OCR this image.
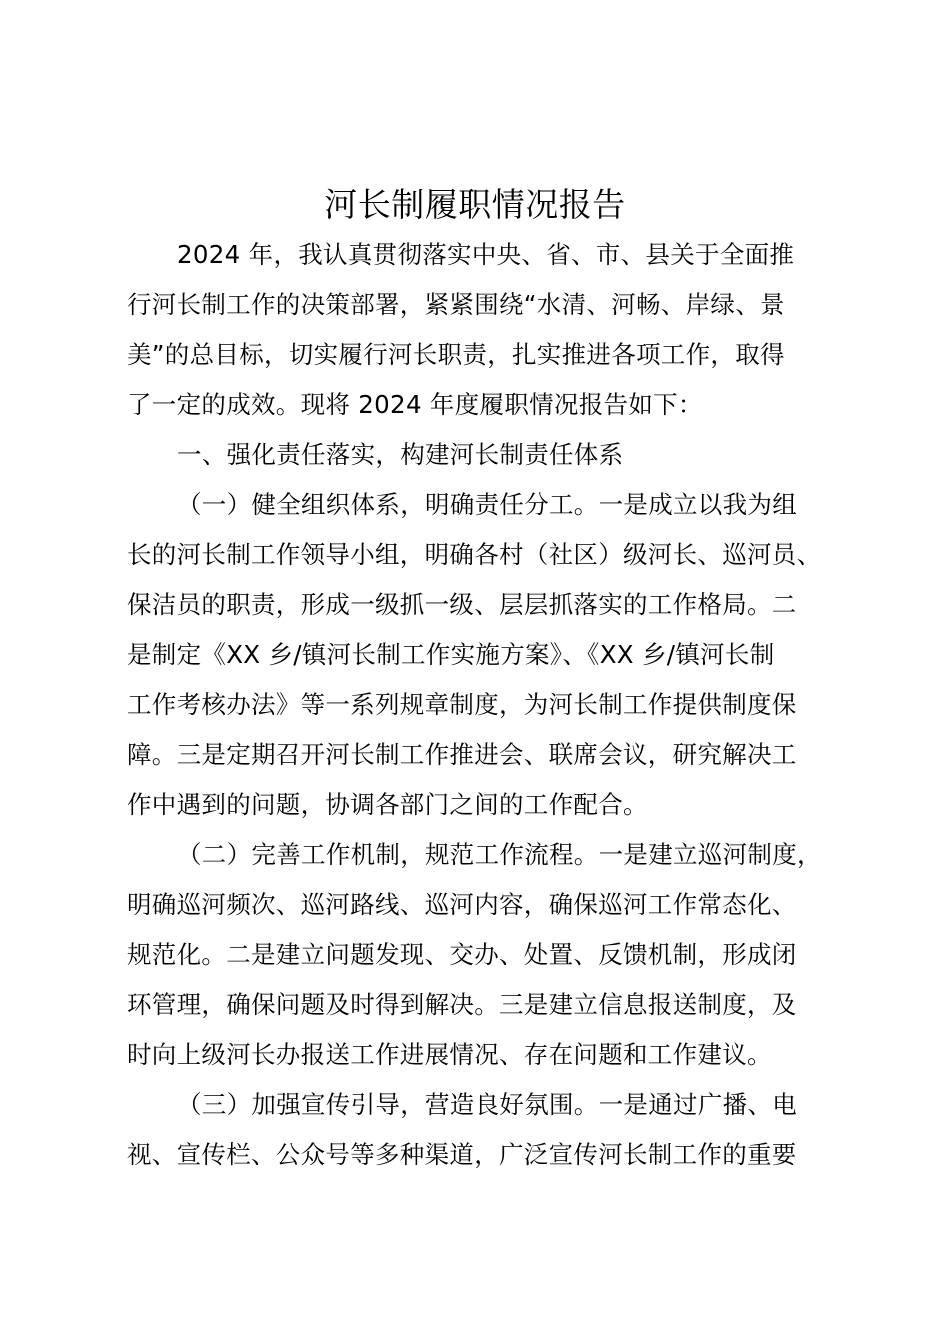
河长制履职情况报告
2024 年，我认真贯彻落实中央、省、市、县关于全面推
行河长制工作的决策部署，紧紧围绕“水清、河畅、岸绿、景
美”的总目标，切实履行河长职责，扎实推进各项工作，取得
了一定的成效。现将 2024 年度履职情况报告如下：
一、强化责任落实，构建河长制责任体系
（一）健全组织体系，明确责任分工。一是成立以我为组
长的河长制工作领导小组，明确各村（社区）级河长、巡河员、
保洁员的职责，形成一级抓一级、层层抓落实的工作格局。二
是制定《XX 乡/镇河长制工作实施方案》、《XX 乡/镇河长制
工作考核办法》等一系列规章制度，为河长制工作提供制度保
障。三是定期召开河长制工作推进会、联席会议，研究解决工
作中遇到的问题，协调各部门之间的工作配合。
（二）完善工作机制，规范工作流程。一是建立巡河制度，
明确巡河频次、巡河路线、巡河内容，确保巡河工作常态化、
规范化。二是建立问题发现、交办、处置、反馈机制，形成闭
环管理，确保问题及时得到解决。三是建立信息报送制度，及
时向上级河长办报送工作进展情况、存在问题和工作建议。
（三）加强宣传引导，营造良好氛围。一是通过广播、电
视、宣传栏、公众号等多种渠道，广泛宣传河长制工作的重要
